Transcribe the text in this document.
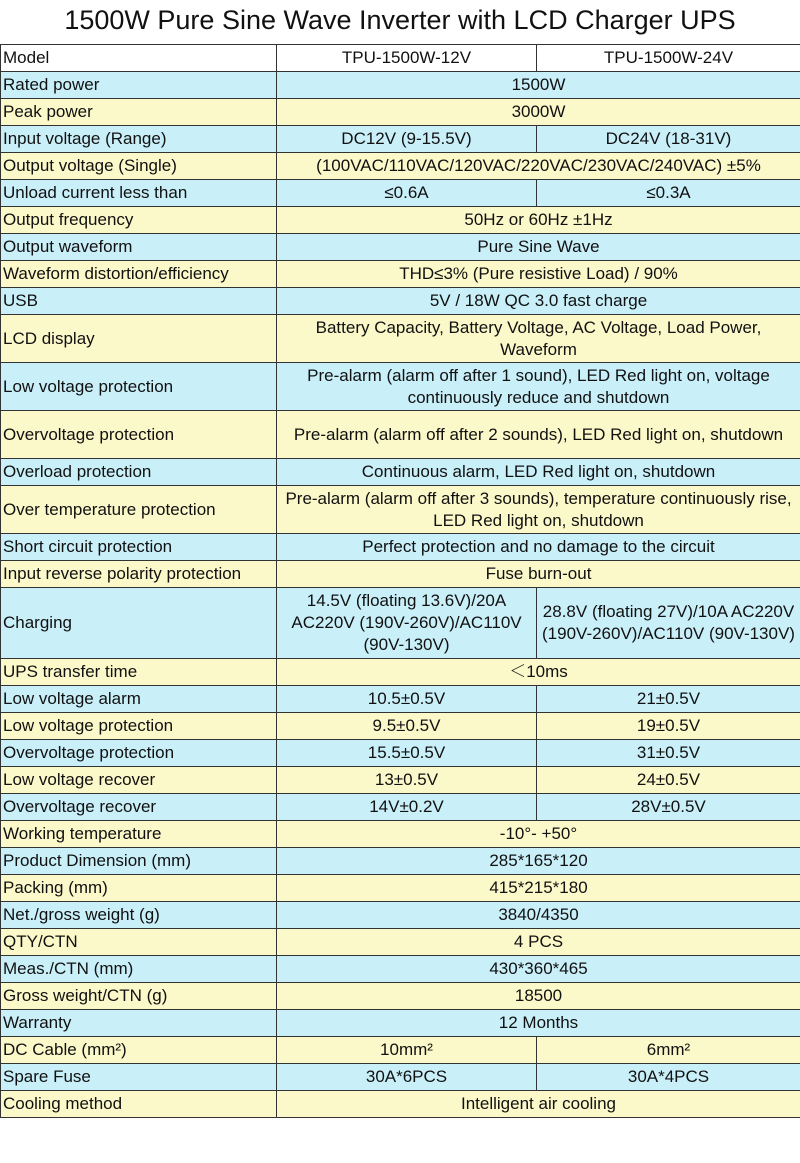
1500W Pure Sine Wave Inverter with LCD Charger UPS
Model	TPU-1500W-12V	TPU-1500W-24V
Rated power	1500W	
Peak power	3000W	
Input voltage (Range)	DC12V (9-15.5V)	DC24V (18-31V)
Output voltage (Single)	(100VAC/110VAC/120VAC/220VAC/230VAC/240VAC) ±5%	
Unload current less than	≤0.6A	≤0.3A
Output frequency	50Hz or 60Hz ±1Hz	
Output waveform	Pure Sine Wave	
Waveform distortion/efficiency	THD≤3% (Pure resistive Load) / 90%	
USB	5V / 18W QC 3.0 fast charge	
LCD display	Battery Capacity, Battery Voltage, AC Voltage, Load Power, Waveform	
Low voltage protection	Pre-alarm (alarm off after 1 sound), LED Red light on, voltage continuously reduce and shutdown	
Overvoltage protection	Pre-alarm (alarm off after 2 sounds), LED Red light on, shutdown	
Overload protection	Continuous alarm, LED Red light on, shutdown	
Over temperature protection	Pre-alarm (alarm off after 3 sounds), temperature continuously rise, LED Red light on, shutdown	
Short circuit protection	Perfect protection and no damage to the circuit	
Input reverse polarity protection	Fuse burn-out	
Charging	14.5V (floating 13.6V)/20A AC220V (190V-260V)/AC110V (90V-130V)	28.8V (floating 27V)/10A AC220V (190V-260V)/AC110V (90V-130V)
UPS transfer time	＜10ms	
Low voltage alarm	10.5±0.5V	21±0.5V
Low voltage protection	9.5±0.5V	19±0.5V
Overvoltage protection	15.5±0.5V	31±0.5V
Low voltage recover	13±0.5V	24±0.5V
Overvoltage recover	14V±0.2V	28V±0.5V
Working temperature	-10°- +50°	
Product Dimension (mm)	285*165*120	
Packing (mm)	415*215*180	
Net./gross weight (g)	3840/4350	
QTY/CTN	4 PCS	
Meas./CTN (mm)	430*360*465	
Gross weight/CTN (g)	18500	
Warranty	12 Months	
DC Cable (mm²)	10mm²	6mm²
Spare Fuse	30A*6PCS	30A*4PCS
Cooling method	Intelligent air cooling	
